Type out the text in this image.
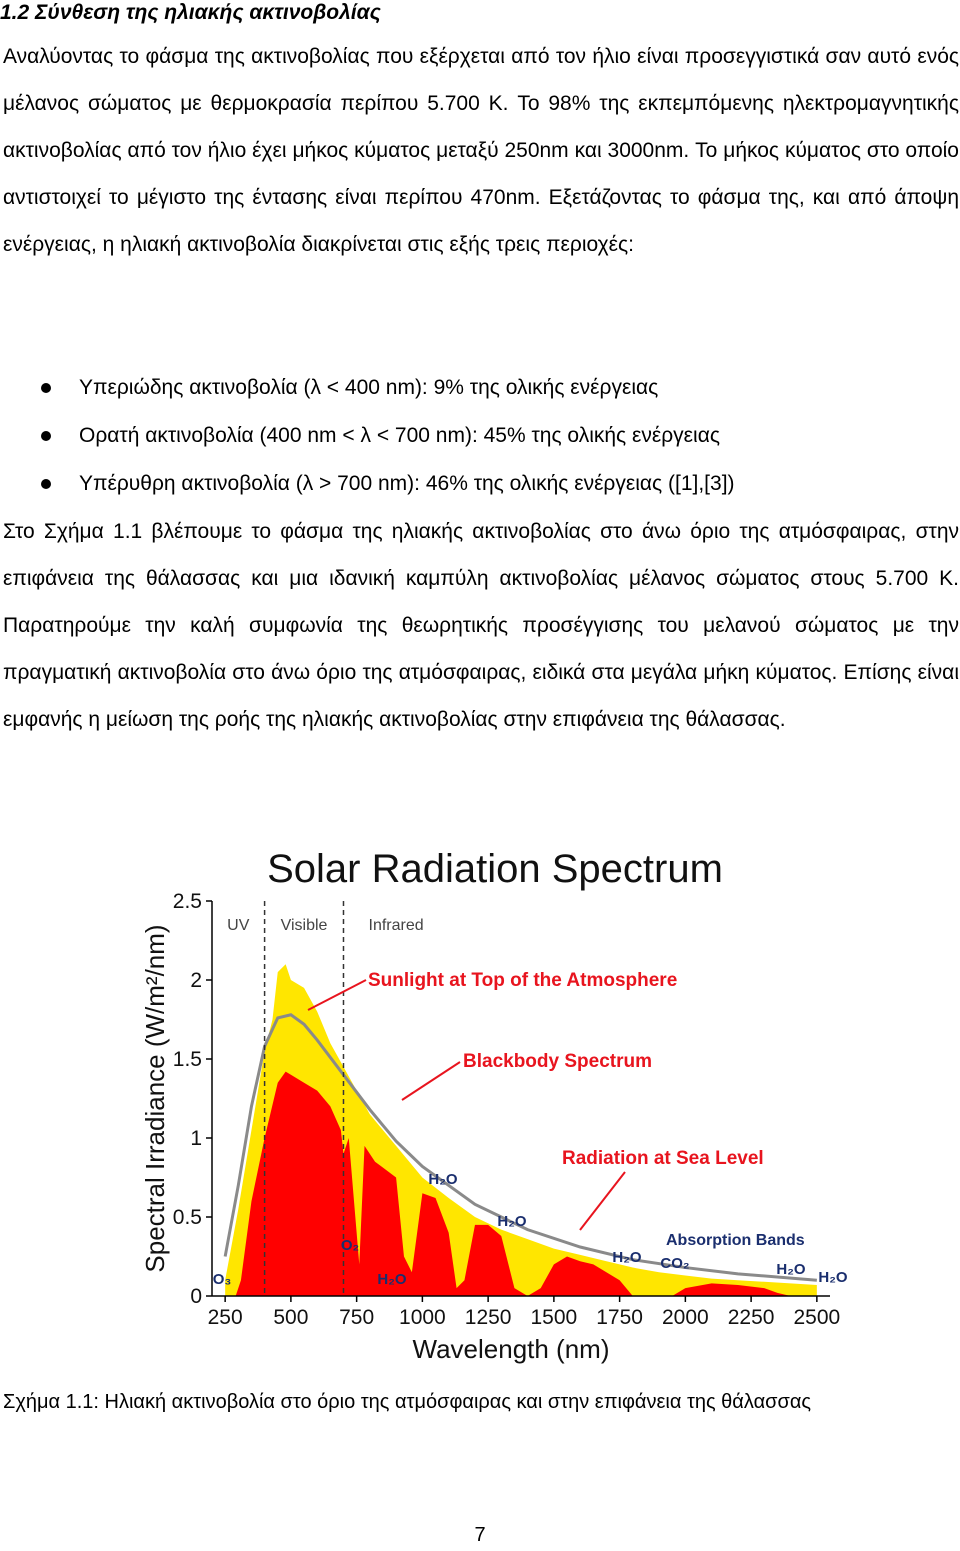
1.2 Σύνθεση της ηλιακής ακτινοβολίας

Αναλύοντας το φάσμα της ακτινοβολίας που εξέρχεται από τον ήλιο είναι προσεγγιστικά σαν αυτό ενός μέλανος σώματος με θερμοκρασία περίπου 5.700 K. Το 98% της εκπεμπόμενης ηλεκτρομαγνητικής ακτινοβολίας από τον ήλιο έχει μήκος κύματος μεταξύ 250nm και 3000nm. Το μήκος κύματος στο οποίο αντιστοιχεί το μέγιστο της έντασης είναι περίπου 470nm. Εξετάζοντας το φάσμα της, και από άποψη ενέργειας, η ηλιακή ακτινοβολία διακρίνεται στις εξής τρεις περιοχές:

Υπεριώδης ακτινοβολία (λ < 400 nm): 9% της ολικής ενέργειας
Ορατή ακτινοβολία (400 nm < λ < 700 nm): 45% της ολικής ενέργειας
Υπέρυθρη ακτινοβολία (λ > 700 nm): 46% της ολικής ενέργειας ([1],[3])

Στο Σχήμα 1.1 βλέπουμε το φάσμα της ηλιακής ακτινοβολίας στο άνω όριο της ατμόσφαιρας, στην επιφάνεια της θάλασσας και μια ιδανική καμπύλη ακτινοβολίας μέλανος σώματος στους 5.700 K. Παρατηρούμε την καλή συμφωνία της θεωρητικής προσέγγισης του μελανού σώματος με την πραγματική ακτινοβολία στο άνω όριο της ατμόσφαιρας, ειδικά στα μεγάλα μήκη κύματος. Επίσης είναι εμφανής η μείωση της ροής της ηλιακής ακτινοβολίας στην επιφάνεια της θάλασσας.

Solar Radiation Spectrum
0
0.5
1
1.5
2
2.5
250 500 750 1000 1250 1500 1750 2000 2250 2500
Wavelength (nm)
Spectral Irradiance (W/m²/nm)	UV Visible	Infrared
Sunlight at Top of the Atmosphere
Blackbody Spectrum
Radiation at Sea Level
Absorption Bands
O₃
O₂
H₂O
H₂O
H₂O
H₂O CO₂	H₂O H₂O

Σχήμα 1.1: Ηλιακή ακτινοβολία στο όριο της ατμόσφαιρας και στην επιφάνεια της θάλασσας

7
